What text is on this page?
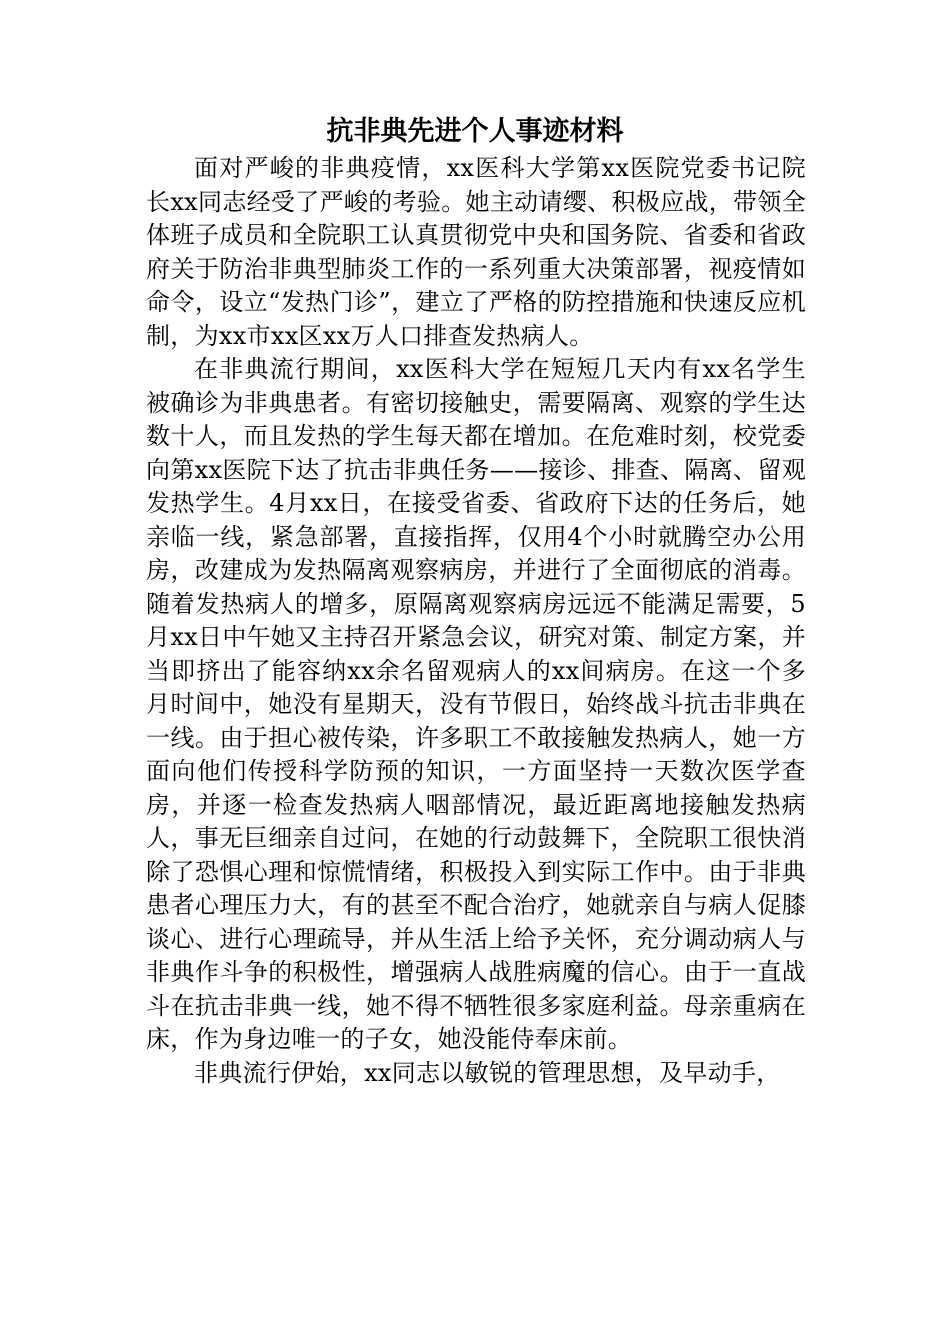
抗非典先进个人事迹材料

面对严峻的非典疫情，xx医科大学第xx医院党委书记院长xx同志经受了严峻的考验。她主动请缨、积极应战，带领全体班子成员和全院职工认真贯彻党中央和国务院、省委和省政府关于防治非典型肺炎工作的一系列重大决策部署，视疫情如命令，设立“发热门诊”，建立了严格的防控措施和快速反应机制，为xx市xx区xx万人口排查发热病人。

在非典流行期间，xx医科大学在短短几天内有xx名学生被确诊为非典患者。有密切接触史，需要隔离、观察的学生达数十人，而且发热的学生每天都在增加。在危难时刻，校党委向第xx医院下达了抗击非典任务——接诊、排查、隔离、留观发热学生。4月xx日，在接受省委、省政府下达的任务后，她亲临一线，紧急部署，直接指挥，仅用4个小时就腾空办公用房，改建成为发热隔离观察病房，并进行了全面彻底的消毒。随着发热病人的增多，原隔离观察病房远远不能满足需要，5月xx日中午她又主持召开紧急会议，研究对策、制定方案，并当即挤出了能容纳xx余名留观病人的xx间病房。在这一个多月时间中，她没有星期天，没有节假日，始终战斗抗击非典在一线。由于担心被传染，许多职工不敢接触发热病人，她一方面向他们传授科学防预的知识，一方面坚持一天数次医学查房，并逐一检查发热病人咽部情况，最近距离地接触发热病人，事无巨细亲自过问，在她的行动鼓舞下，全院职工很快消除了恐惧心理和惊慌情绪，积极投入到实际工作中。由于非典患者心理压力大，有的甚至不配合治疗，她就亲自与病人促膝谈心、进行心理疏导，并从生活上给予关怀，充分调动病人与非典作斗争的积极性，增强病人战胜病魔的信心。由于一直战斗在抗击非典一线，她不得不牺牲很多家庭利益。母亲重病在床，作为身边唯一的子女，她没能侍奉床前。

非典流行伊始，xx同志以敏锐的管理思想，及早动手，
